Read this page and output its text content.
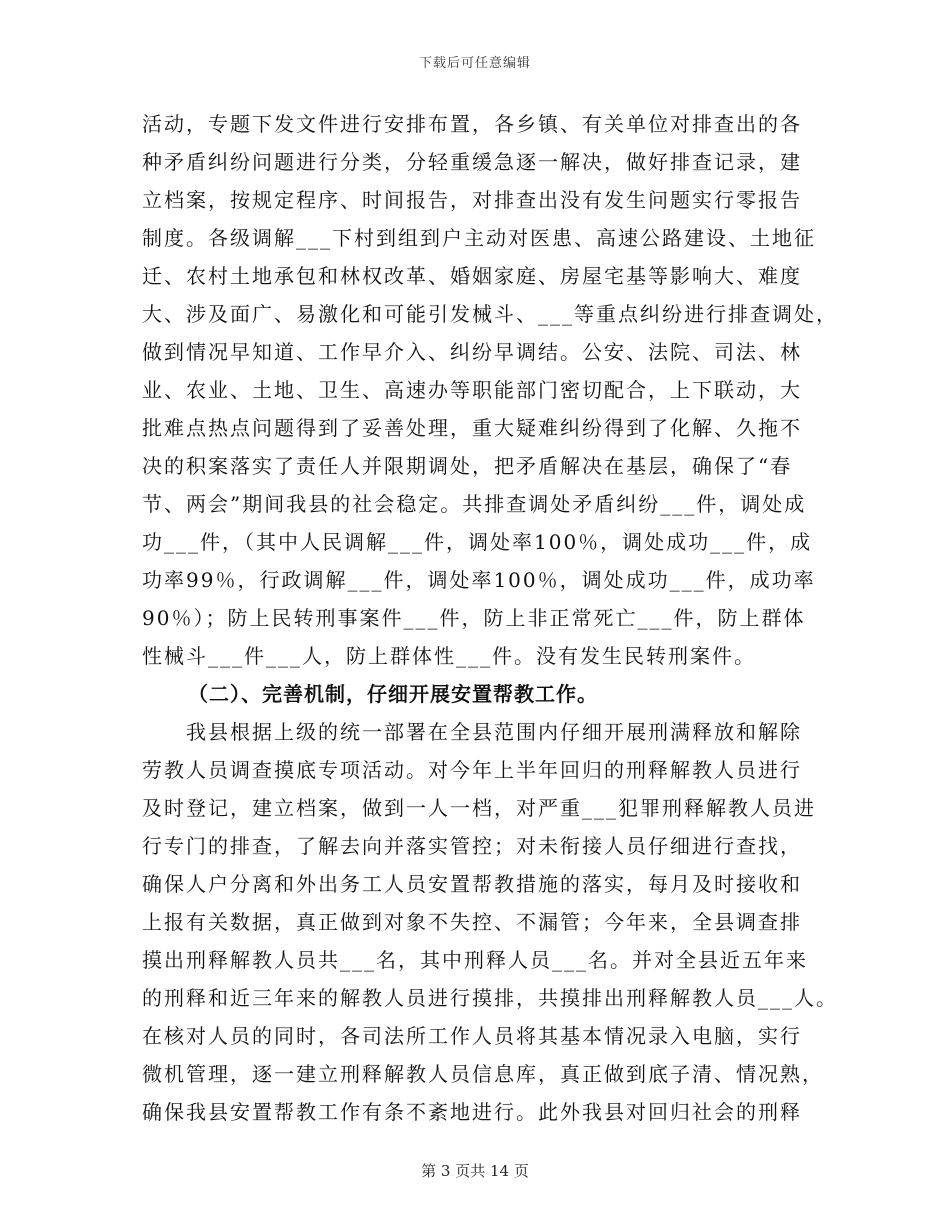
下载后可任意编辑
活动，专题下发文件进行安排布置，各乡镇、有关单位对排查出的各
种矛盾纠纷问题进行分类，分轻重缓急逐一解决，做好排查记录，建
立档案，按规定程序、时间报告，对排查出没有发生问题实行零报告
制度。各级调解___下村到组到户主动对医患、高速公路建设、土地征
迁、农村土地承包和林权改革、婚姻家庭、房屋宅基等影响大、难度
大、涉及面广、易激化和可能引发械斗、___等重点纠纷进行排查调处，
做到情况早知道、工作早介入、纠纷早调结。公安、法院、司法、林
业、农业、土地、卫生、高速办等职能部门密切配合，上下联动，大
批难点热点问题得到了妥善处理，重大疑难纠纷得到了化解、久拖不
决的积案落实了责任人并限期调处，把矛盾解决在基层，确保了“春
节、两会”期间我县的社会稳定。共排查调处矛盾纠纷___件，调处成
功___件，（其中人民调解___件，调处率100％，调处成功___件，成
功率99％，行政调解___件，调处率100％，调处成功___件，成功率
90％）；防上民转刑事案件___件，防上非正常死亡___件，防上群体
性械斗___件___人，防上群体性___件。没有发生民转刑案件。
（二）、完善机制，仔细开展安置帮教工作。
我县根据上级的统一部署在全县范围内仔细开展刑满释放和解除
劳教人员调查摸底专项活动。对今年上半年回归的刑释解教人员进行
及时登记，建立档案，做到一人一档，对严重___犯罪刑释解教人员进
行专门的排查，了解去向并落实管控；对未衔接人员仔细进行查找，
确保人户分离和外出务工人员安置帮教措施的落实，每月及时接收和
上报有关数据，真正做到对象不失控、不漏管；今年来，全县调查排
摸出刑释解教人员共___名，其中刑释人员___名。并对全县近五年来
的刑释和近三年来的解教人员进行摸排，共摸排出刑释解教人员___人。
在核对人员的同时，各司法所工作人员将其基本情况录入电脑，实行
微机管理，逐一建立刑释解教人员信息库，真正做到底子清、情况熟，
确保我县安置帮教工作有条不紊地进行。此外我县对回归社会的刑释
第 3 页共 14 页
